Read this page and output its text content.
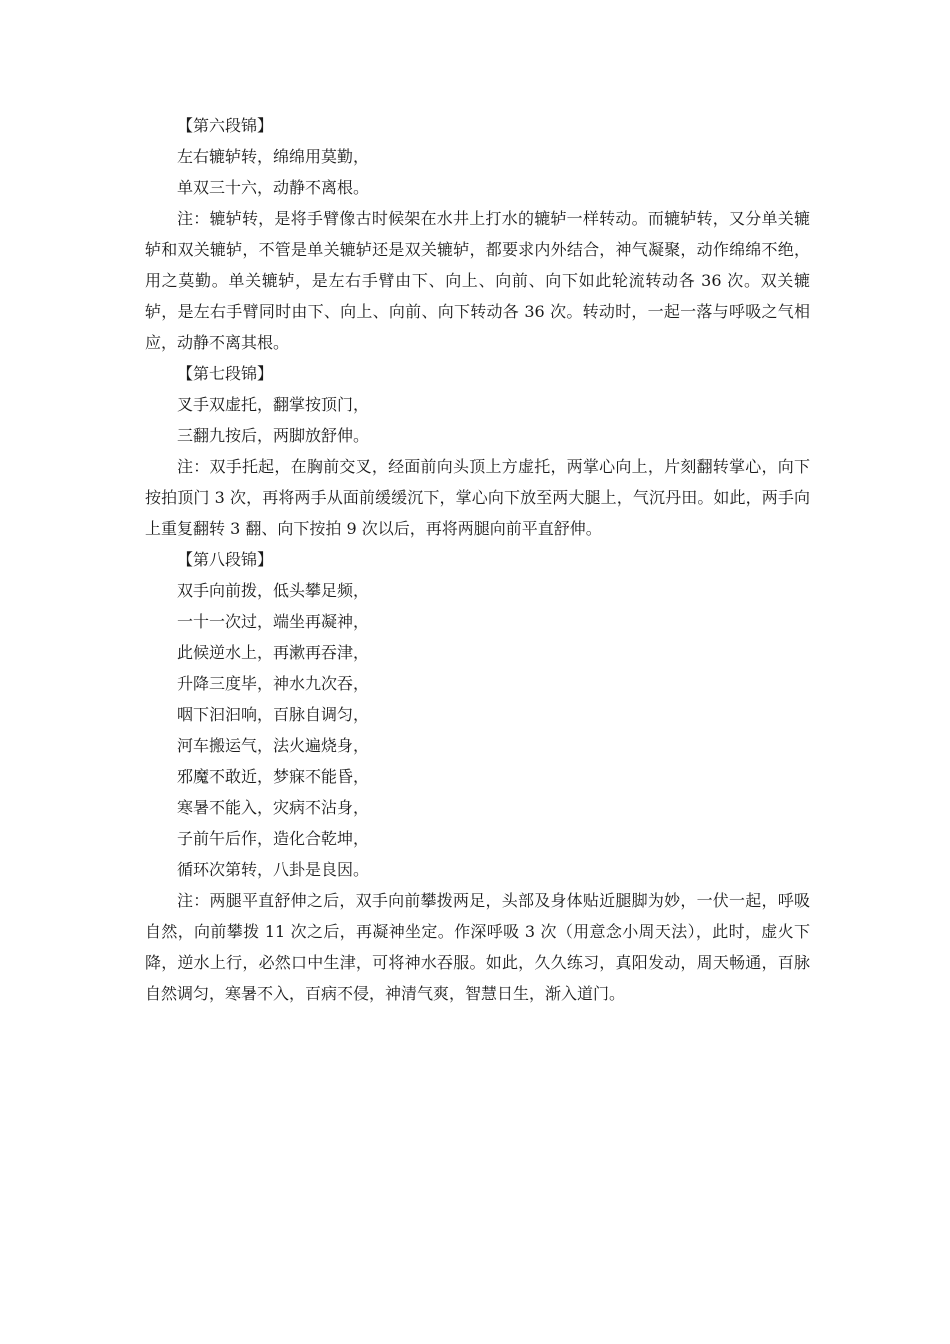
【第六段锦】

左右辘轳转，绵绵用莫勤，

单双三十六，动静不离根。

注：辘轳转，是将手臂像古时候架在水井上打水的辘轳一样转动。而辘轳转，又分单关辘轳和双关辘轳，不管是单关辘轳还是双关辘轳，都要求内外结合，神气凝聚，动作绵绵不绝，用之莫勤。单关辘轳，是左右手臂由下、向上、向前、向下如此轮流转动各 36 次。双关辘轳，是左右手臂同时由下、向上、向前、向下转动各 36 次。转动时，一起一落与呼吸之气相应，动静不离其根。

【第七段锦】

叉手双虚托，翻掌按顶门，

三翻九按后，两脚放舒伸。

注：双手托起，在胸前交叉，经面前向头顶上方虚托，两掌心向上，片刻翻转掌心，向下按拍顶门 3 次，再将两手从面前缓缓沉下，掌心向下放至两大腿上，气沉丹田。如此，两手向上重复翻转 3 翻、向下按拍 9 次以后，再将两腿向前平直舒伸。

【第八段锦】

双手向前拨，低头攀足频，

一十一次过，端坐再凝神，

此候逆水上，再漱再吞津，

升降三度毕，神水九次吞，

咽下汩汩响，百脉自调匀，

河车搬运气，法火遍烧身，

邪魔不敢近，梦寐不能昏，

寒暑不能入，灾病不沾身，

子前午后作，造化合乾坤，

循环次第转，八卦是良因。

注：两腿平直舒伸之后，双手向前攀拨两足，头部及身体贴近腿脚为妙，一伏一起，呼吸自然，向前攀拨 11 次之后，再凝神坐定。作深呼吸 3 次（用意念小周天法），此时，虚火下降，逆水上行，必然口中生津，可将神水吞服。如此，久久练习，真阳发动，周天畅通，百脉自然调匀，寒暑不入，百病不侵，神清气爽，智慧日生，渐入道门。
